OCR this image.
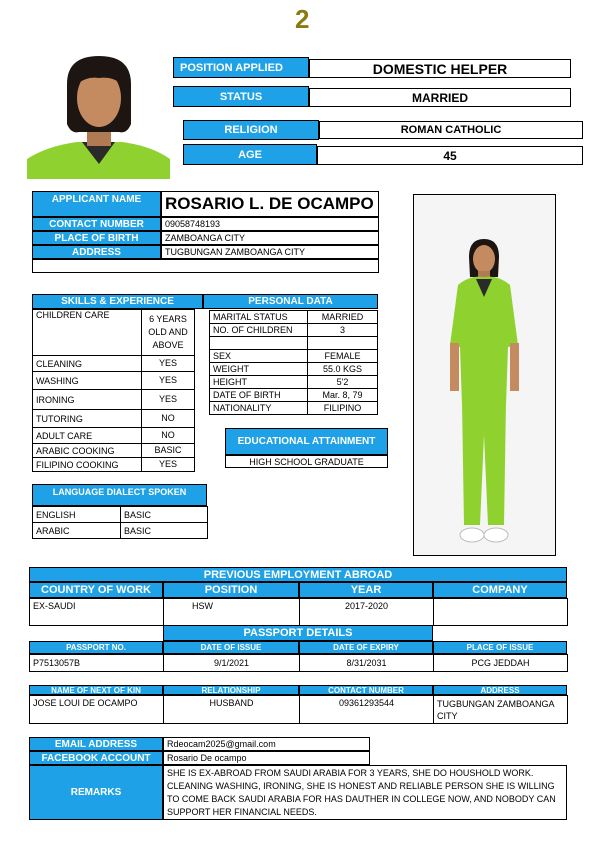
2
POSITION APPLIED	DOMESTIC HELPER
STATUS	MARRIED
RELIGION	ROMAN CATHOLIC
AGE	45
APPLICANT NAME	ROSARIO L. DE OCAMPO
CONTACT NUMBER	09058748193
PLACE OF BIRTH	ZAMBOANGA CITY
ADDRESS	TUGBUNGAN ZAMBOANGA CITY
SKILLS & EXPERIENCE
CHILDREN CARE	6 YEARS OLD AND ABOVE
CLEANING	YES
WASHING	YES
IRONING	YES
TUTORING	NO
ADULT CARE	NO
ARABIC COOKING	BASIC
FILIPINO COOKING	YES
PERSONAL DATA
MARITAL STATUS	MARRIED
NO. OF CHILDREN	3

SEX	FEMALE
WEIGHT	55.0 KGS
HEIGHT	5'2
DATE OF BIRTH	Mar. 8, 79
NATIONALITY	FILIPINO
EDUCATIONAL ATTAINMENT
HIGH SCHOOL GRADUATE
LANGUAGE DIALECT SPOKEN
ENGLISH	BASIC
ARABIC	BASIC
PREVIOUS EMPLOYMENT ABROAD
COUNTRY OF WORK	POSITION	YEAR	COMPANY
EX-SAUDI	HSW	2017-2020	
PASSPORT DETAILS
PASSPORT NO.	DATE OF ISSUE	DATE OF EXPIRY	PLACE OF ISSUE
P7513057B	9/1/2021	8/31/2031	PCG JEDDAH
NAME OF NEXT OF KIN	RELATIONSHIP	CONTACT NUMBER	ADDRESS
JOSE LOUI DE OCAMPO	HUSBAND	09361293544	TUGBUNGAN ZAMBOANGA CITY
EMAIL ADDRESS	Rdeocam2025@gmail.com
FACEBOOK ACCOUNT	Rosario De ocampo
REMARKS
SHE IS EX-ABROAD FROM SAUDI ARABIA FOR 3 YEARS, SHE DO HOUSHOLD WORK. CLEANING WASHING, IRONING, SHE IS HONEST AND RELIABLE PERSON SHE IS WILLING TO COME BACK SAUDI ARABIA FOR HAS DAUTHER IN COLLEGE NOW, AND NOBODY CAN SUPPORT HER FINANCIAL NEEDS.
